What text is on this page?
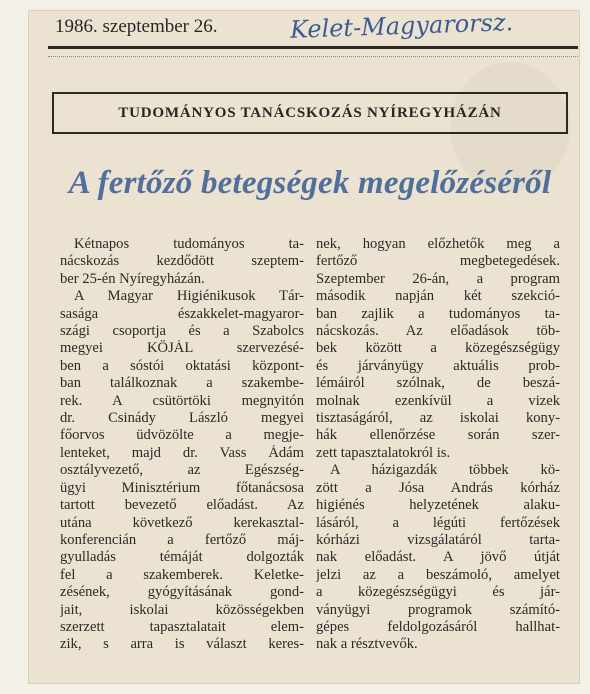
1986. szeptember 26.	Kelet-Magyarorsz.
TUDOMÁNYOS TANÁCSKOZÁS NYÍREGYHÁZÁN
A fertőző betegségek megelőzéséről
Kétnapos tudományos ta-
nácskozás kezdődött szeptem-
ber 25-én Nyíregyházán.
A Magyar Higiénikusok Tár-
sasága északkelet-magyaror-
szági csoportja és a Szabolcs
megyei KÖJÁL szervezésé-
ben a sóstói oktatási központ-
ban találkoznak a szakembe-
rek. A csütörtöki megnyitón
dr. Csinády László megyei
főorvos üdvözölte a megje-
lenteket, majd dr. Vass Ádám
osztályvezető, az Egészség-
ügyi Minisztérium főtanácsosa
tartott bevezető előadást. Az
utána következő kerekasztal-
konferencián a fertőző máj-
gyulladás témáját dolgozták
fel a szakemberek. Keletke-
zésének, gyógyításának gond-
jait, iskolai közösségekben
szerzett tapasztalatait elem-
zik, s arra is választ keres-
nek, hogyan előzhetők meg a
fertőző megbetegedések.
Szeptember 26-án, a program
második napján két szekció-
ban zajlik a tudományos ta-
nácskozás. Az előadások töb-
bek között a közegészségügy
és járványügy aktuális prob-
lémáiról szólnak, de beszá-
molnak ezenkívül a vizek
tisztaságáról, az iskolai kony-
hák ellenőrzése során szer-
zett tapasztalatokról is.
A házigazdák többek kö-
zött a Jósa András kórház
higiénés helyzetének alaku-
lásáról, a légúti fertőzések
kórházi vizsgálatáról tarta-
nak előadást. A jövő útját
jelzi az a beszámoló, amelyet
a közegészségügyi és jár-
ványügyi programok számító-
gépes feldolgozásáról hallhat-
nak a résztvevők.
